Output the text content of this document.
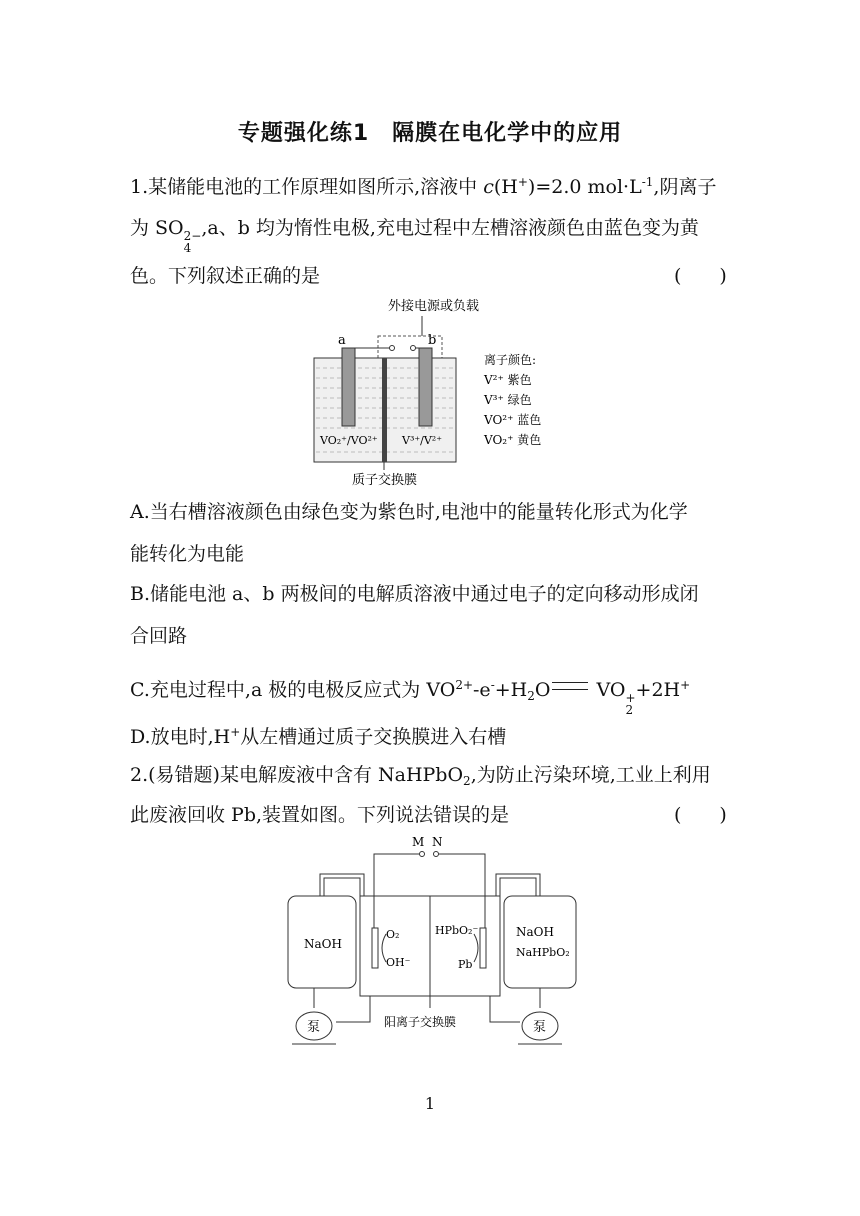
专题强化练1　隔膜在电化学中的应用
1.某储能电池的工作原理如图所示,溶液中 c(H+)=2.0 $mol\cdot L^{-1}$,阴离子
为 SO 2−
4
,a、b 均为惰性电极,充电过程中左槽溶液颜色由蓝色变为黄
色。下列叙述正确的是	(　　)
外接电源或负载
a	b
VO₂⁺/VO²⁺ V³⁺/V²⁺
质子交换膜
离子颜色:
V²⁺ 紫色
V³⁺ 绿色
VO²⁺ 蓝色
VO₂⁺ 黄色
A.当右槽溶液颜色由绿色变为紫色时,电池中的能量转化形式为化学
能转化为电能
B.储能电池 a、b 两极间的电解质溶液中通过电子的定向移动形成闭
合回路
C.充电过程中,a 极的电极反应式为 $VO^{2+}-e^-+H_2O$ VO +
2
+2H+
D.放电时,H+从左槽通过质子交换膜进入右槽
2.(易错题)某电解废液中含有 NaHPbO$_2$,为防止污染环境,工业上利用
此废液回收 Pb,装置如图。下列说法错误的是	(　　)
M N
O₂
OH⁻
HPbO₂⁻
Pb
NaOH
NaOH
NaHPbO₂
泵	泵
阳离子交换膜
1
